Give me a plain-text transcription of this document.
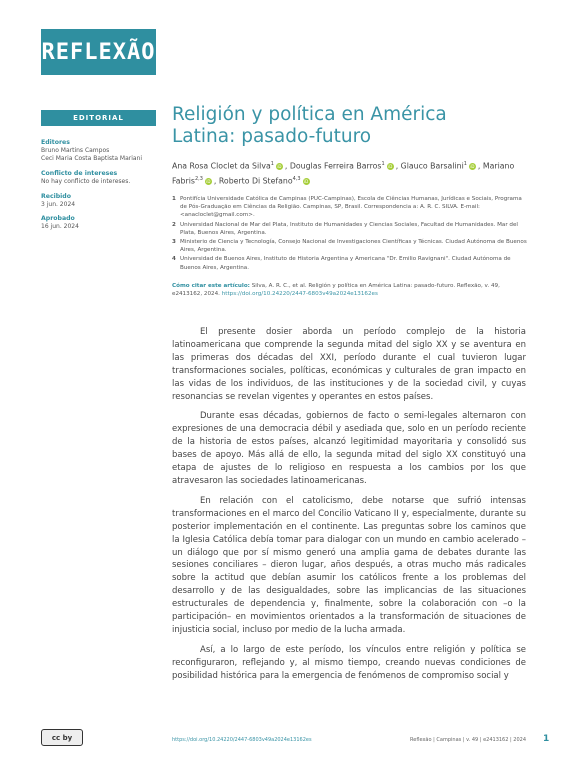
REFLEXÃO
EDITORIAL
Editores
Bruno Martins Campos
Ceci Maria Costa Baptista Mariani
Conflicto de intereses
No hay conflicto de intereses.
Recibido
3 jun. 2024
Aprobado
16 jun. 2024
Religión y política en América
Latina: pasado-futuro
Ana Rosa Cloclet da Silva$^1$ iD , Douglas Ferreira Barros$^1$ iD , Glauco Barsalini$^1$ iD , Mariano Fabris$^{2,3}$ iD , Roberto Di Stefano$^{4,3}$ iD
1 Pontifícia Universidade Católica de Campinas (PUC-Campinas), Escola de Ciências Humanas, Jurídicas e Sociais, Programa de Pós-Graduação em Ciências da Religião. Campinas, SP, Brasil. Correspondencia a: A. R. C. SILVA. E-mail: <anacloclet@gmail.com>.
2 Universidad Nacional de Mar del Plata, Instituto de Humanidades y Ciencias Sociales, Facultad de Humanidades. Mar del Plata, Buenos Aires, Argentina.
3 Ministerio de Ciencia y Tecnología, Consejo Nacional de Investigaciones Científicas y Técnicas. Ciudad Autónoma de Buenos Aires, Argentina.
4 Universidad de Buenos Aires, Instituto de Historia Argentina y Americana "Dr. Emilio Ravignani". Ciudad Autónoma de Buenos Aires, Argentina.
Cómo citar este artículo: Silva, A. R. C., et al. Religión y política en América Latina: pasado-futuro. Reflexão, v. 49, e2413162, 2024. https://doi.org/10.24220/2447-6803v49a2024e13162es

El presente dosier aborda un período complejo de la historia latinoamericana que comprende la segunda mitad del siglo XX y se aventura en las primeras dos décadas del XXI, período durante el cual tuvieron lugar transformaciones sociales, políticas, económicas y culturales de gran impacto en las vidas de los individuos, de las instituciones y de la sociedad civil, y cuyas resonancias se revelan vigentes y operantes en estos países.

Durante esas décadas, gobiernos de facto o semi-legales alternaron con expresiones de una democracia débil y asediada que, solo en un período reciente de la historia de estos países, alcanzó legitimidad mayoritaria y consolidó sus bases de apoyo. Más allá de ello, la segunda mitad del siglo XX constituyó una etapa de ajustes de lo religioso en respuesta a los cambios por los que atravesaron las sociedades latinoamericanas.

En relación con el catolicismo, debe notarse que sufrió intensas transformaciones en el marco del Concilio Vaticano II y, especialmente, durante su posterior implementación en el continente. Las preguntas sobre los caminos que la Iglesia Católica debía tomar para dialogar con un mundo en cambio acelerado – un diálogo que por sí mismo generó una amplia gama de debates durante las sesiones conciliares – dieron lugar, años después, a otras mucho más radicales sobre la actitud que debían asumir los católicos frente a los problemas del desarrollo y de las desigualdades, sobre las implicancias de las situaciones estructurales de dependencia y, finalmente, sobre la colaboración con –o la participación– en movimientos orientados a la transformación de situaciones de injusticia social, incluso por medio de la lucha armada.

Así, a lo largo de este período, los vínculos entre religión y política se reconfiguraron, reflejando y, al mismo tiempo, creando nuevas condiciones de posibilidad histórica para la emergencia de fenómenos de compromiso social y

cc by	https://doi.org/10.24220/2447-6803v49a2024e13162es	Reflexão | Campinas | v. 49 | e2413162 | 2024 1
